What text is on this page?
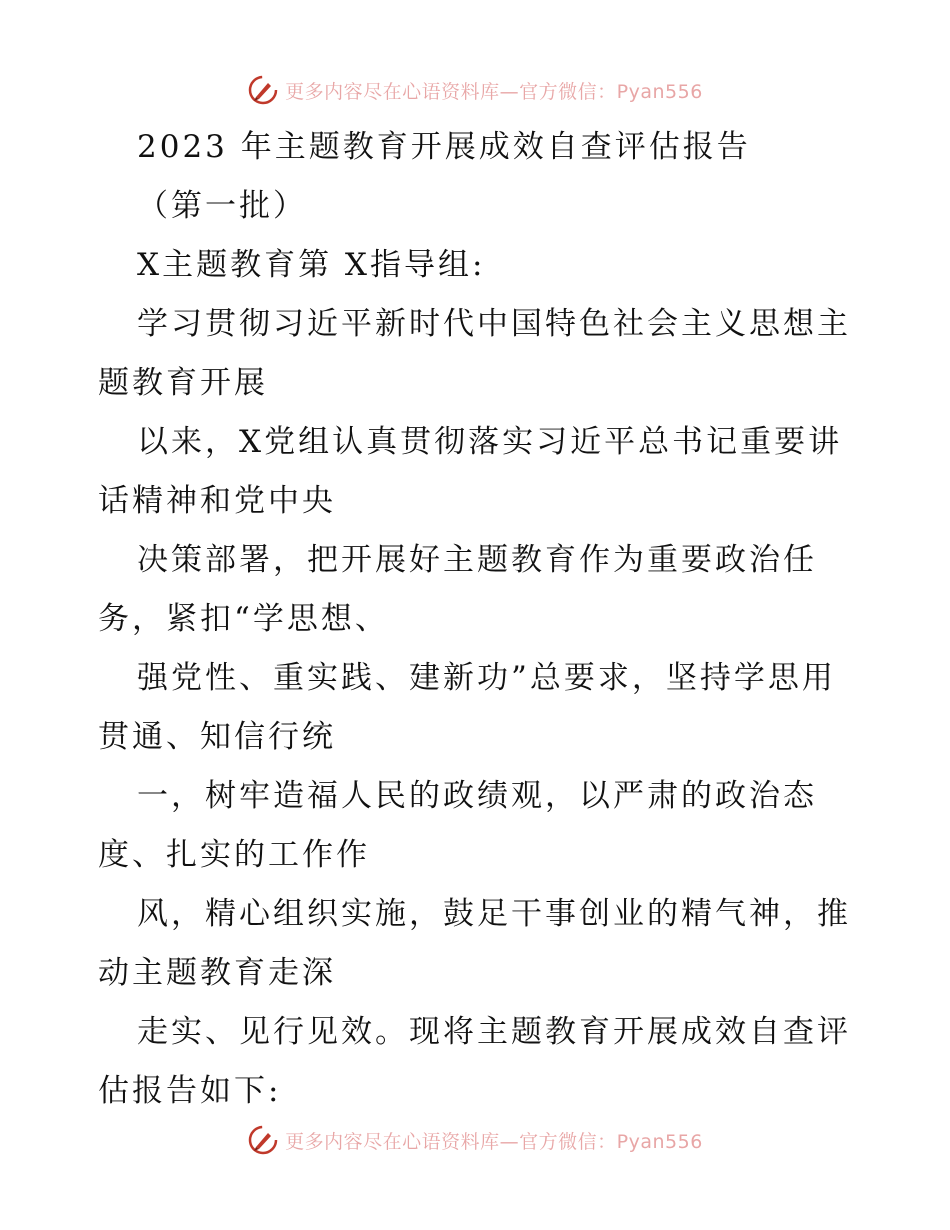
更多内容尽在心语资料库—官方微信：Pyan556
2023 年主题教育开展成效自查评估报告
（第一批）
X主题教育第 X指导组:
学习贯彻习近平新时代中国特色社会主义思想主
题教育开展
以来，X党组认真贯彻落实习近平总书记重要讲
话精神和党中央
决策部署，把开展好主题教育作为重要政治任
务，紧扣“学思想、
强党性、重实践、建新功”总要求，坚持学思用
贯通、知信行统
一，树牢造福人民的政绩观，以严肃的政治态
度、扎实的工作作
风，精心组织实施，鼓足干事创业的精气神，推
动主题教育走深
走实、见行见效。现将主题教育开展成效自查评
估报告如下:
更多内容尽在心语资料库—官方微信：Pyan556
